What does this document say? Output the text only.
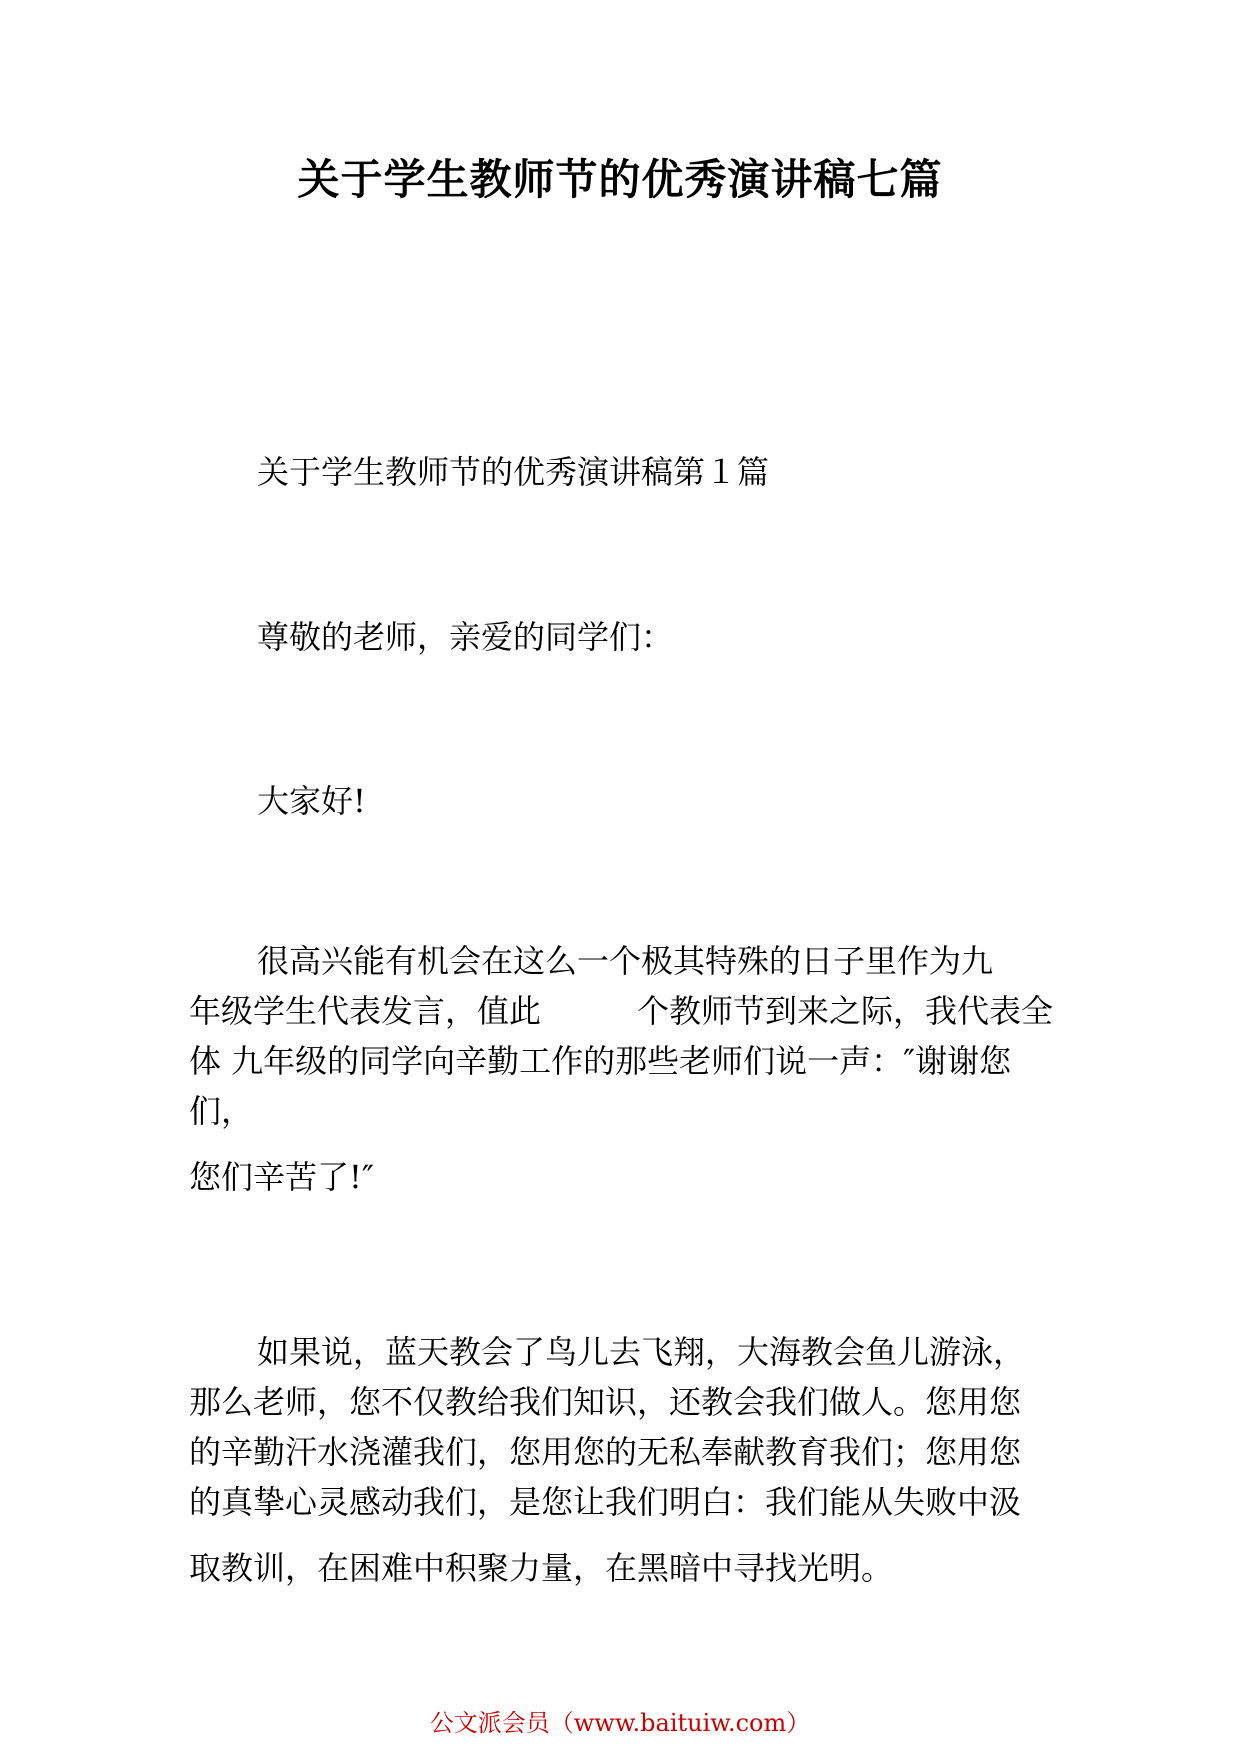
关于学生教师节的优秀演讲稿七篇

关于学生教师节的优秀演讲稿第１篇

尊敬的老师，亲爱的同学们：

大家好!

很高兴能有机会在这么一个极其特殊的日子里作为九
年级学生代表发言，值此　　　个教师节到来之际，我代表全
体 九年级的同学向辛勤工作的那些老师们说一声：″谢谢您
们，
您们辛苦了!″
如果说，蓝天教会了鸟儿去飞翔，大海教会鱼儿游泳，
那么老师，您不仅教给我们知识，还教会我们做人。您用您
的辛勤汗水浇灌我们，您用您的无私奉献教育我们；您用您
的真挚心灵感动我们，是您让我们明白：我们能从失败中汲
取教训，在困难中积聚力量，在黑暗中寻找光明。
公文派会员（www.baituiw.com）
